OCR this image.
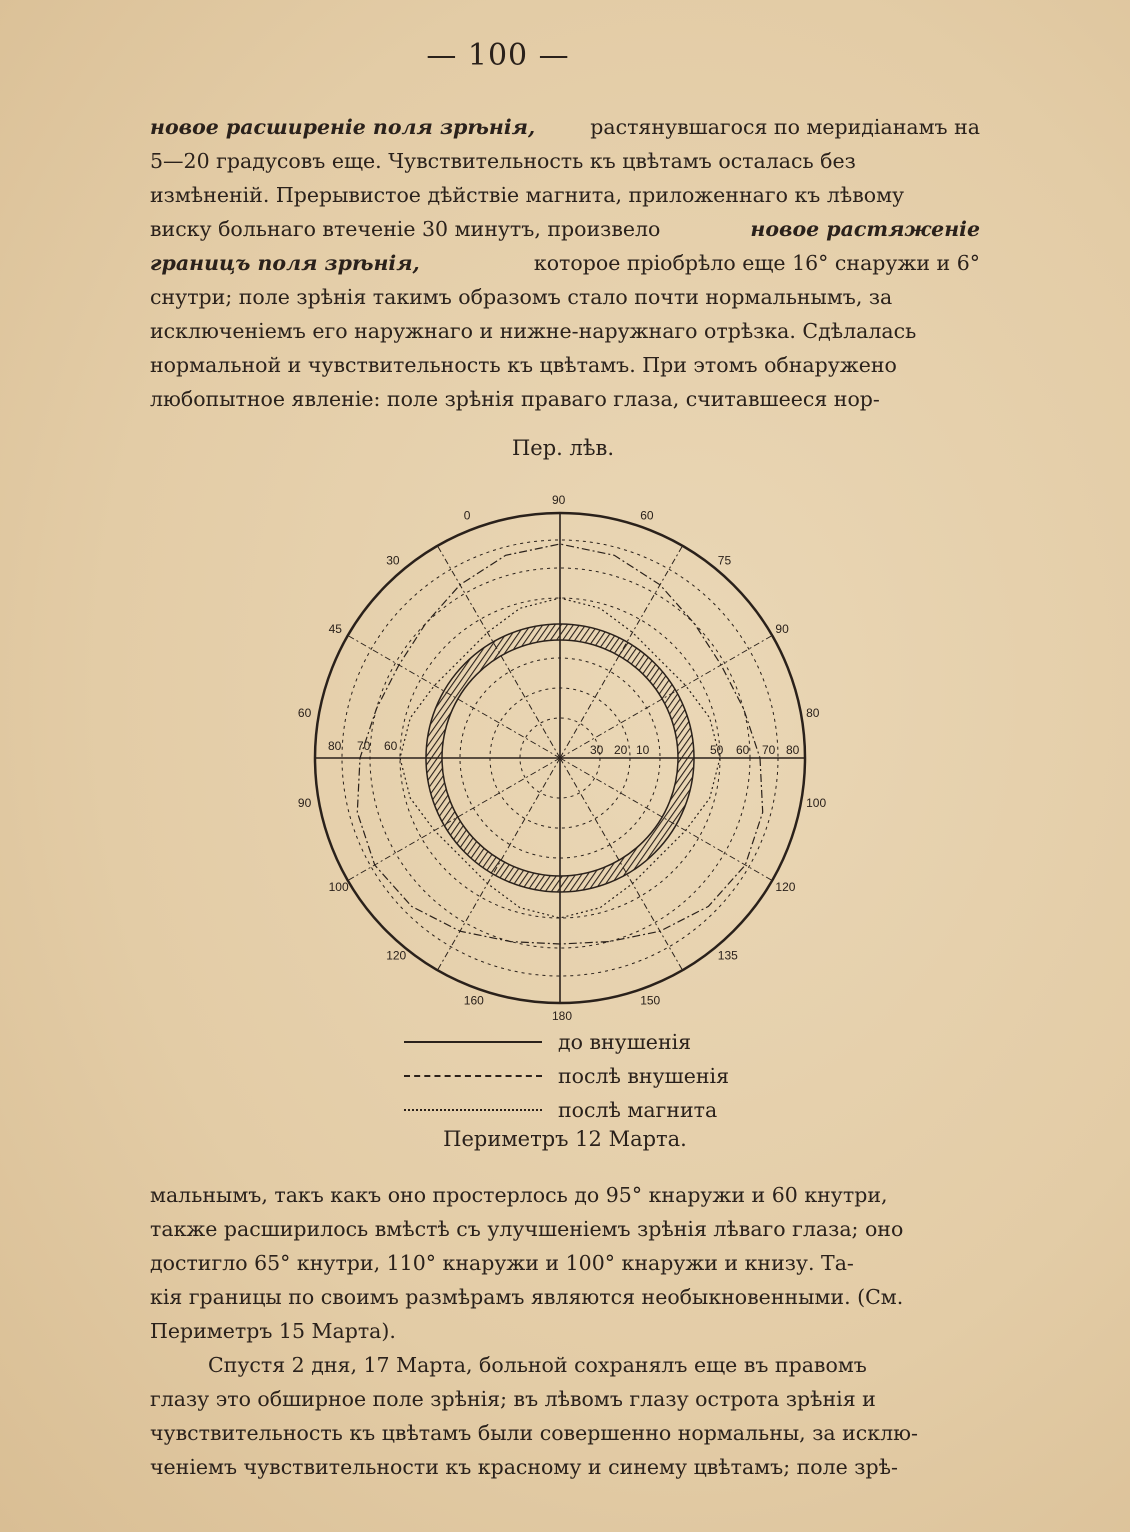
— 100 —
новое расширеніе поля зрѣнія,	растянувшагося по меридіанамъ на
5—20 градусовъ еще. Чувствительность къ цвѣтамъ осталась без
измѣненій. Прерывистое дѣйствіе магнита, приложеннаго къ лѣвому
виску больнаго втеченіе 30 минутъ, произвело	новое растяженіе
границъ поля зрѣнія,	которое пріобрѣло еще 16° снаружи и 6°
снутри; поле зрѣнія такимъ образомъ стало почти нормальнымъ, за
исключеніемъ его наружнаго и нижне-наружнаго отрѣзка. Сдѣлалась
нормальной и чувствительность къ цвѣтамъ. При этомъ обнаружено
любопытное явленіе: поле зрѣнія праваго глаза, считавшееся нор-
Пер. лѣв.
80 70 60	30 20 10	50 60 70 80
90
60
75
90
80
100
120
135
150
180
160
120
100
90
60
45
30
0
до внушенія
послѣ внушенія
послѣ магнита
Периметръ 12 Марта.
мальнымъ, такъ какъ оно простерлось до 95° кнаружи и 60 кнутри,
также расширилось вмѣстѣ съ улучшеніемъ зрѣнія лѣваго глаза; оно
достигло 65° кнутри, 110° кнаружи и 100° кнаружи и книзу. Та-
кія границы по своимъ размѣрамъ являются необыкновенными. (См.
Периметръ 15 Марта).
Спустя 2 дня, 17 Марта, больной сохранялъ еще въ правомъ
глазу это обширное поле зрѣнія; въ лѣвомъ глазу острота зрѣнія и
чувствительность къ цвѣтамъ были совершенно нормальны, за исклю-
ченіемъ чувствительности къ красному и синему цвѣтамъ; поле зрѣ-
